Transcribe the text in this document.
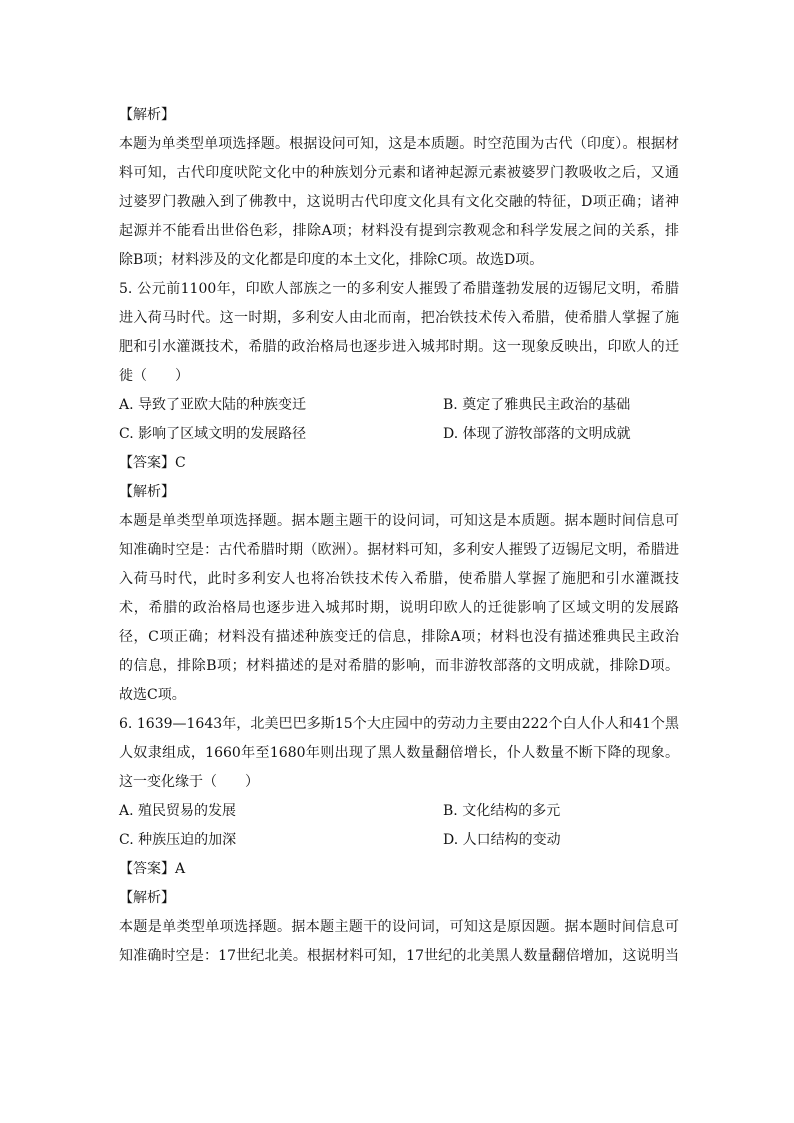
【解析】
本题为单类型单项选择题。根据设问可知，这是本质题。时空范围为古代（印度）。根据材
料可知，古代印度吠陀文化中的种族划分元素和诸神起源元素被婆罗门教吸收之后，又通
过婆罗门教融入到了佛教中，这说明古代印度文化具有文化交融的特征，D项正确；诸神
起源并不能看出世俗色彩，排除A项；材料没有提到宗教观念和科学发展之间的关系，排
除B项；材料涉及的文化都是印度的本土文化，排除C项。故选D项。
5. 公元前1100年，印欧人部族之一的多利安人摧毁了希腊蓬勃发展的迈锡尼文明，希腊
进入荷马时代。这一时期，多利安人由北而南，把冶铁技术传入希腊，使希腊人掌握了施
肥和引水灌溉技术，希腊的政治格局也逐步进入城邦时期。这一现象反映出，印欧人的迁
徙（　　）
A. 导致了亚欧大陆的种族变迁	B. 奠定了雅典民主政治的基础
C. 影响了区域文明的发展路径	D. 体现了游牧部落的文明成就
【答案】C
【解析】
本题是单类型单项选择题。据本题主题干的设问词，可知这是本质题。据本题时间信息可
知准确时空是：古代希腊时期（欧洲）。据材料可知，多利安人摧毁了迈锡尼文明，希腊进
入荷马时代，此时多利安人也将冶铁技术传入希腊，使希腊人掌握了施肥和引水灌溉技
术，希腊的政治格局也逐步进入城邦时期，说明印欧人的迁徙影响了区域文明的发展路
径，C项正确；材料没有描述种族变迁的信息，排除A项；材料也没有描述雅典民主政治
的信息，排除B项；材料描述的是对希腊的影响，而非游牧部落的文明成就，排除D项。
故选C项。
6. 1639—1643年，北美巴巴多斯15个大庄园中的劳动力主要由222个白人仆人和41个黑
人奴隶组成，1660年至1680年则出现了黑人数量翻倍增长，仆人数量不断下降的现象。
这一变化缘于（　　）
A. 殖民贸易的发展	B. 文化结构的多元
C. 种族压迫的加深	D. 人口结构的变动
【答案】A
【解析】
本题是单类型单项选择题。据本题主题干的设问词，可知这是原因题。据本题时间信息可
知准确时空是：17世纪北美。根据材料可知，17世纪的北美黑人数量翻倍增加，这说明当
